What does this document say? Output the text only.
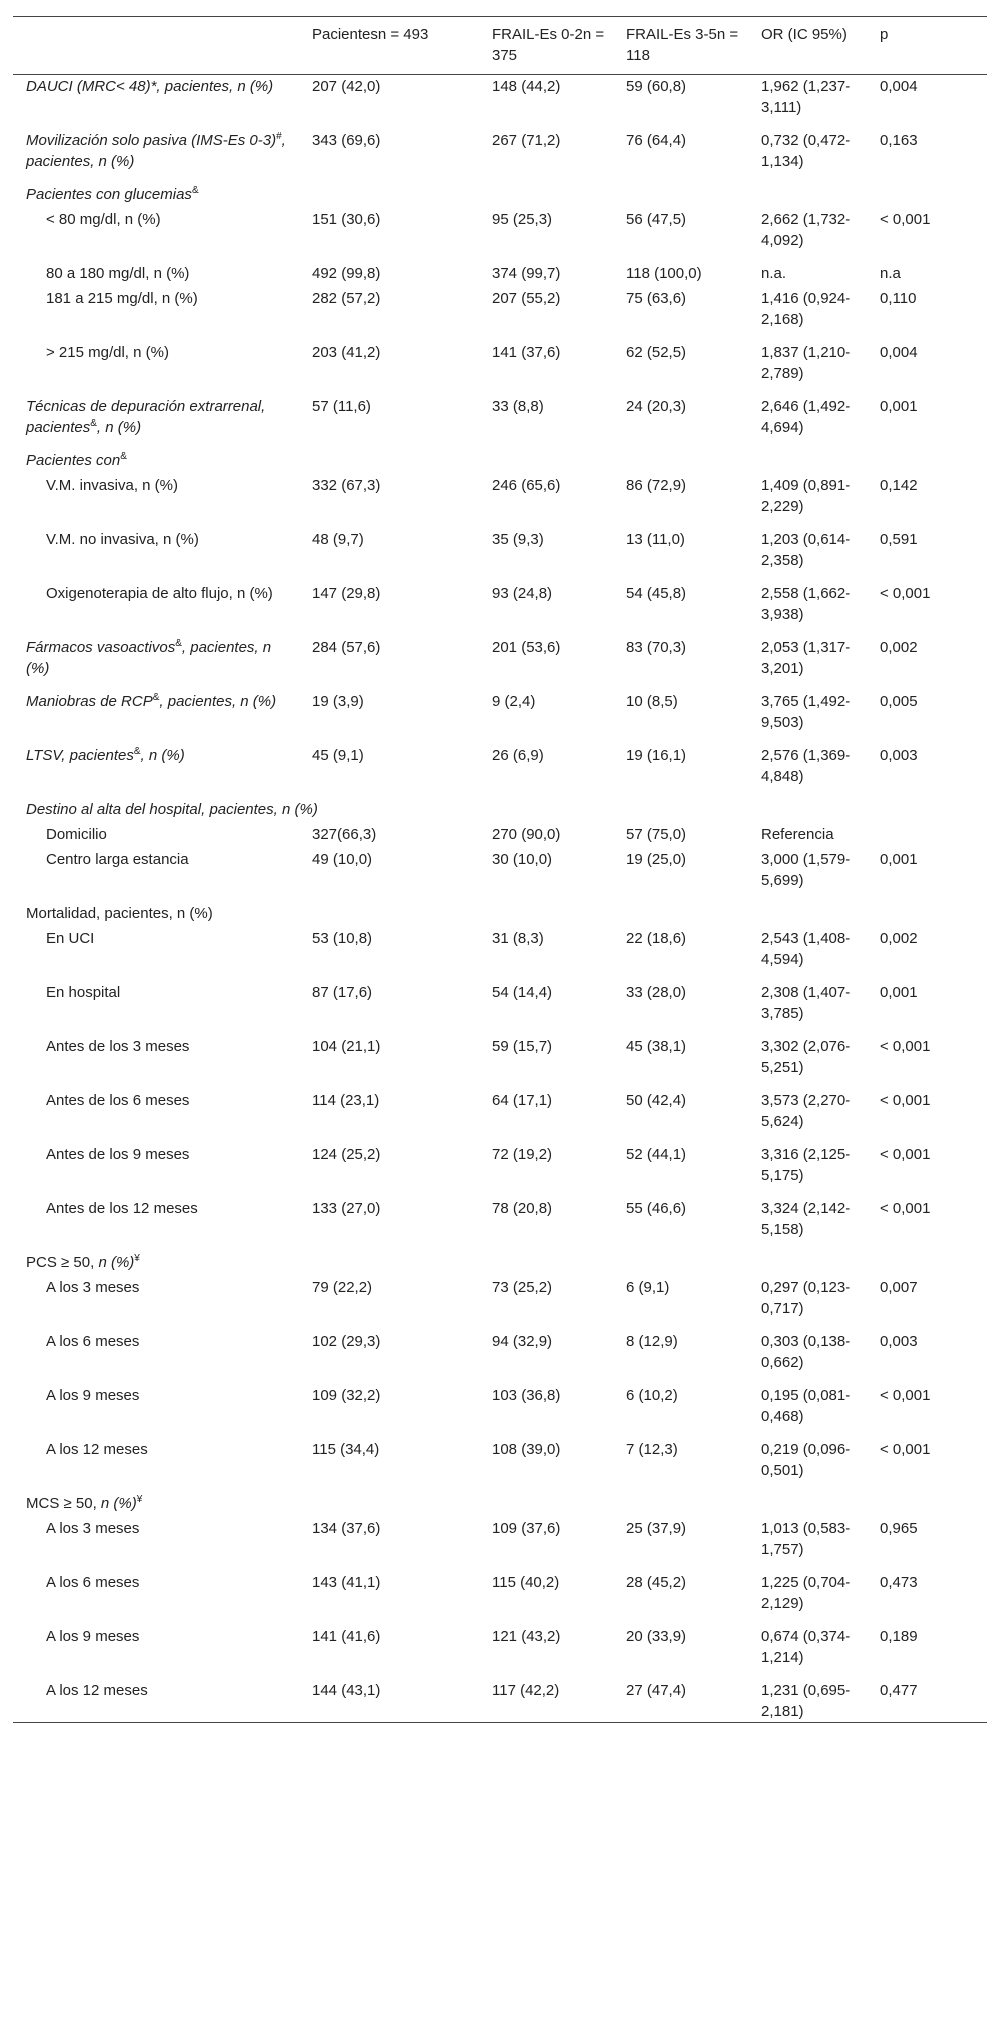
	Pacientesn = 493	FRAIL-Es 0-2n = 375	FRAIL-Es 3-5n = 118	OR (IC 95%)	p
DAUCI (MRC< 48)*, pacientes, n (%)	207 (42,0)	148 (44,2)	59 (60,8)	1,962 (1,237-3,111)	0,004
Movilización solo pasiva (IMS-Es 0-3)#, pacientes, n (%)	343 (69,6)	267 (71,2)	76 (64,4)	0,732 (0,472-1,134)	0,163
Pacientes con glucemias&					
< 80 mg/dl, n (%)	151 (30,6)	95 (25,3)	56 (47,5)	2,662 (1,732-4,092)	< 0,001
80 a 180 mg/dl, n (%)	492 (99,8)	374 (99,7)	118 (100,0)	n.a.	n.a
181 a 215 mg/dl, n (%)	282 (57,2)	207 (55,2)	75 (63,6)	1,416 (0,924-2,168)	0,110
> 215 mg/dl, n (%)	203 (41,2)	141 (37,6)	62 (52,5)	1,837 (1,210-2,789)	0,004
Técnicas de depuración extrarrenal, pacientes&, n (%)	57 (11,6)	33 (8,8)	24 (20,3)	2,646 (1,492-4,694)	0,001
Pacientes con&					
V.M. invasiva, n (%)	332 (67,3)	246 (65,6)	86 (72,9)	1,409 (0,891-2,229)	0,142
V.M. no invasiva, n (%)	48 (9,7)	35 (9,3)	13 (11,0)	1,203 (0,614-2,358)	0,591
Oxigenoterapia de alto flujo, n (%)	147 (29,8)	93 (24,8)	54 (45,8)	2,558 (1,662-3,938)	< 0,001
Fármacos vasoactivos&, pacientes, n (%)	284 (57,6)	201 (53,6)	83 (70,3)	2,053 (1,317-3,201)	0,002
Maniobras de RCP&, pacientes, n (%)	19 (3,9)	9 (2,4)	10 (8,5)	3,765 (1,492-9,503)	0,005
LTSV, pacientes&, n (%)	45 (9,1)	26 (6,9)	19 (16,1)	2,576 (1,369-4,848)	0,003
Destino al alta del hospital, pacientes, n (%)					
Domicilio	327(66,3)	270 (90,0)	57 (75,0)	Referencia	
Centro larga estancia	49 (10,0)	30 (10,0)	19 (25,0)	3,000 (1,579-5,699)	0,001
Mortalidad, pacientes, n (%)					
En UCI	53 (10,8)	31 (8,3)	22 (18,6)	2,543 (1,408-4,594)	0,002
En hospital	87 (17,6)	54 (14,4)	33 (28,0)	2,308 (1,407-3,785)	0,001
Antes de los 3 meses	104 (21,1)	59 (15,7)	45 (38,1)	3,302 (2,076-5,251)	< 0,001
Antes de los 6 meses	114 (23,1)	64 (17,1)	50 (42,4)	3,573 (2,270-5,624)	< 0,001
Antes de los 9 meses	124 (25,2)	72 (19,2)	52 (44,1)	3,316 (2,125-5,175)	< 0,001
Antes de los 12 meses	133 (27,0)	78 (20,8)	55 (46,6)	3,324 (2,142-5,158)	< 0,001
PCS ≥ 50, n (%)¥					
A los 3 meses	79 (22,2)	73 (25,2)	6 (9,1)	0,297 (0,123-0,717)	0,007
A los 6 meses	102 (29,3)	94 (32,9)	8 (12,9)	0,303 (0,138-0,662)	0,003
A los 9 meses	109 (32,2)	103 (36,8)	6 (10,2)	0,195 (0,081-0,468)	< 0,001
A los 12 meses	115 (34,4)	108 (39,0)	7 (12,3)	0,219 (0,096-0,501)	< 0,001
MCS ≥ 50, n (%)¥					
A los 3 meses	134 (37,6)	109 (37,6)	25 (37,9)	1,013 (0,583-1,757)	0,965
A los 6 meses	143 (41,1)	115 (40,2)	28 (45,2)	1,225 (0,704-2,129)	0,473
A los 9 meses	141 (41,6)	121 (43,2)	20 (33,9)	0,674 (0,374-1,214)	0,189
A los 12 meses	144 (43,1)	117 (42,2)	27 (47,4)	1,231 (0,695-2,181)	0,477
